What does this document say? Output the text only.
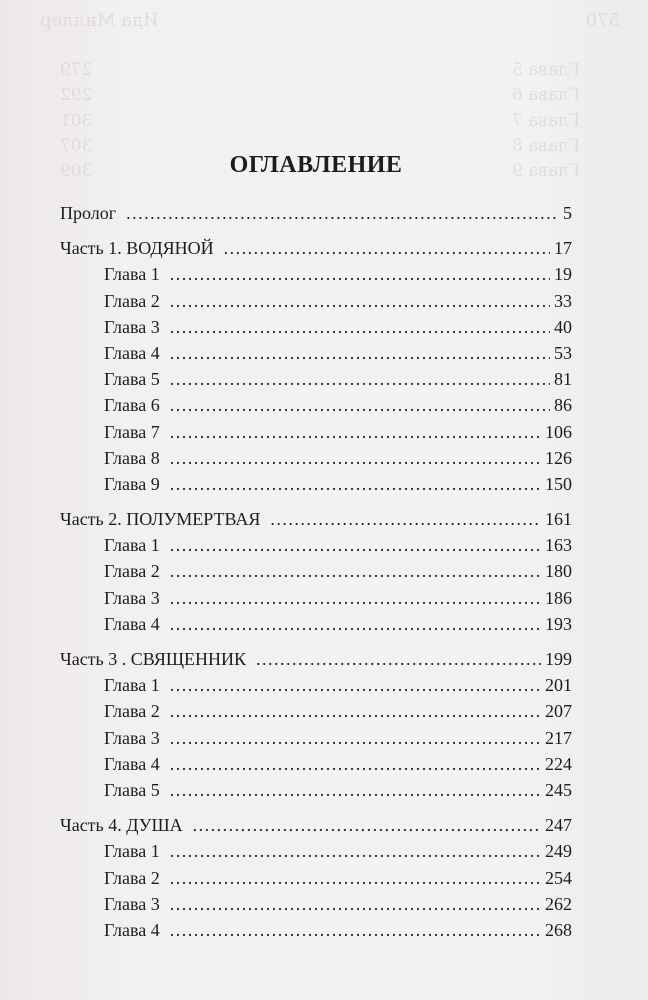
570
Ида Миллер
Глава 5
279
Глава 6
292
Глава 7
301
Глава 8
307
Глава 9
309	ОГЛАВЛЕНИЕ
Пролог .....	5
Часть 1. ВОДЯНОЙ .....	17
Глава 1 .....	19
Глава 2 .....	33
Глава 3 .....	40
Глава 4 .....	53
Глава 5 .....	81
Глава 6 .....	86
Глава 7 .....	106
Глава 8 .....	126
Глава 9 .....	150
Часть 2. ПОЛУМЕРТВАЯ .....	161
Глава 1 .....	163
Глава 2 .....	180
Глава 3 .....	186
Глава 4 .....	193
Часть 3 . СВЯЩЕННИК .....	199
Глава 1 .....	201
Глава 2 .....	207
Глава 3 .....	217
Глава 4 .....	224
Глава 5 .....	245
Часть 4. ДУША .....	247
Глава 1 .....	249
Глава 2 .....	254
Глава 3 .....	262
Глава 4 .....	268
